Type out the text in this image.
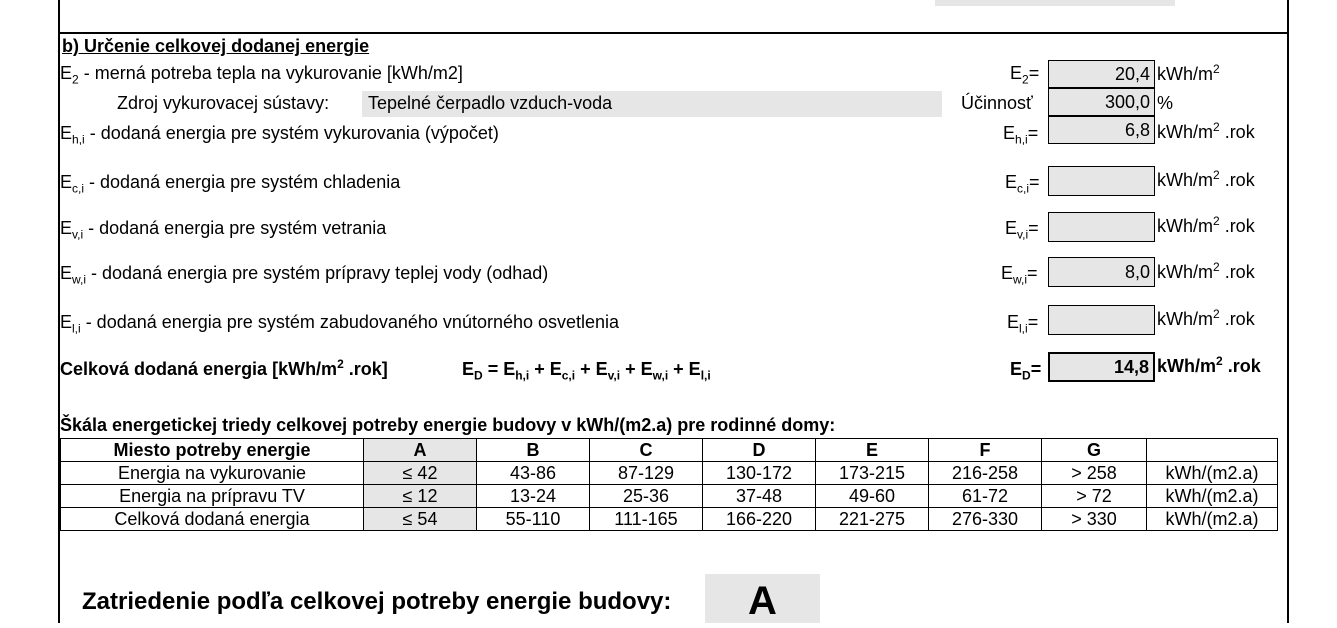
b) Určenie celkovej dodanej energie
$E_2$ - merná potreba tepla na vykurovanie [kWh/m2]	$E_2=$	20,4 kWh/$m^2$
Zdroj vykurovacej sústavy: Tepelné čerpadlo vzduch-voda	Účinnosť	300,0 %
$E_{h,i}$ - dodaná energia pre systém vykurovania (výpočet)	$E_{h,i}=$	6,8 kWh/$m^2$ .rok
$E_{c,i}$ - dodaná energia pre systém chladenia	$E_{c,i}=$	kWh/$m^2$ .rok
$E_{v,i}$ - dodaná energia pre systém vetrania	$E_{v,i}=$	kWh/$m^2$ .rok
$E_{w,i}$ - dodaná energia pre systém prípravy teplej vody (odhad)	$E_{w,i}=$	8,0 kWh/$m^2$ .rok
$E_{l,i}$ - dodaná energia pre systém zabudovaného vnútorného osvetlenia	$E_{l,i}=$	kWh/$m^2$ .rok
Celková dodaná energia [$kWh/m^2$ .rok]	$E_D = E_{h,i} + E_{c,i} + E_{v,i} + E_{w,i} + E_{l,i}$	$E_D=$	14,8 kWh/$m^2$ .rok
Škála energetickej triedy celkovej potreby energie budovy v kWh/(m2.a) pre rodinné domy:
Miesto potreby energie	A	B	C	D	E	F	G	
Energia na vykurovanie	≤ 42	43-86	87-129	130-172	173-215	216-258	> 258	kWh/(m2.a)
Energia na prípravu TV	≤ 12	13-24	25-36	37-48	49-60	61-72	> 72	kWh/(m2.a)
Celková dodaná energia	≤ 54	55-110	111-165	166-220	221-275	276-330	> 330	kWh/(m2.a)
Zatriedenie podľa celkovej potreby energie budovy:	A
